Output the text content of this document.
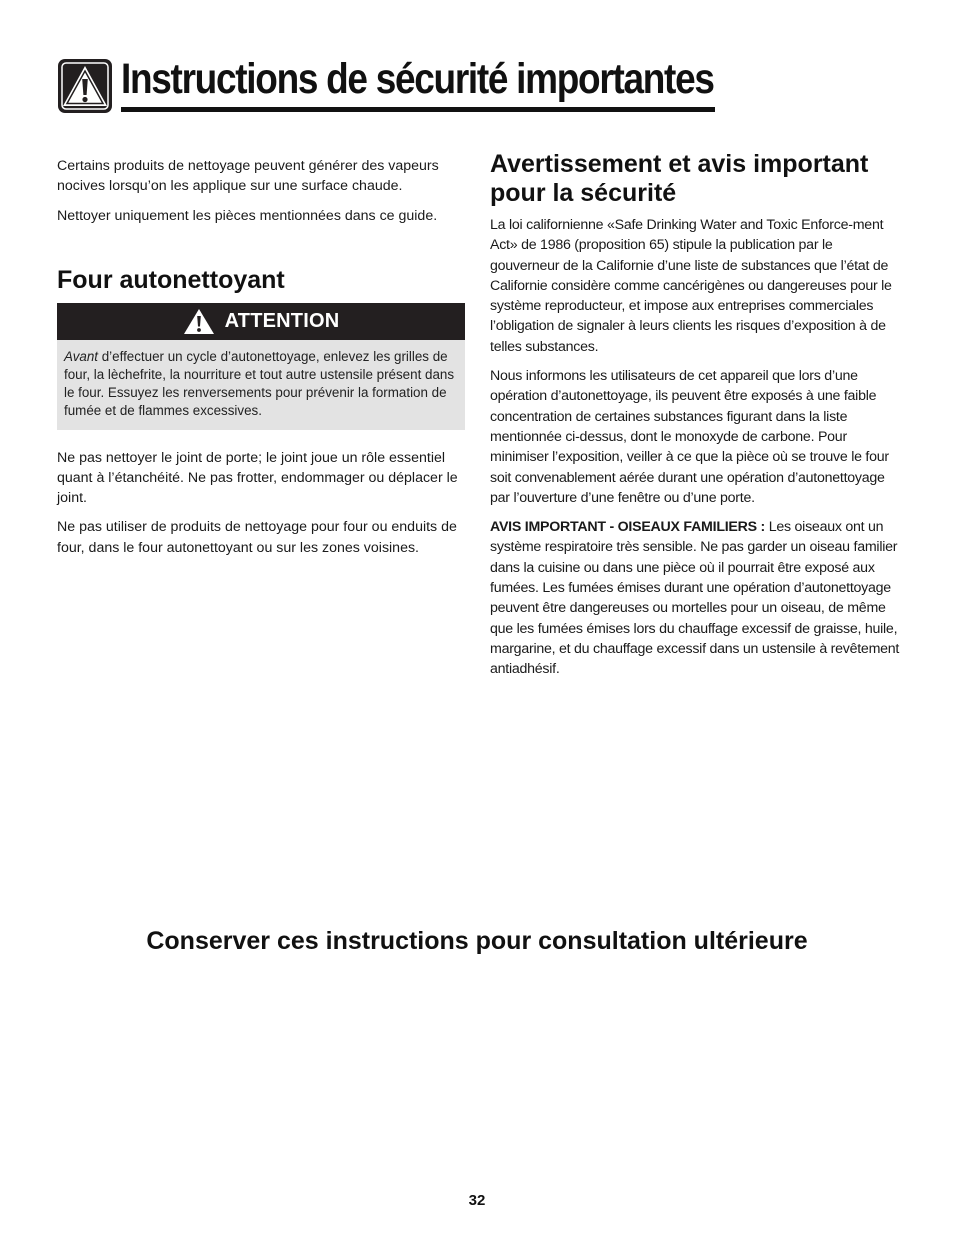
Instructions de sécurité importantes

Certains produits de nettoyage peuvent générer des vapeurs nocives lorsqu’on les applique sur une surface chaude.

Nettoyer uniquement les pièces mentionnées dans ce guide.

Four autonettoyant
ATTENTION
Avant d’effectuer un cycle d’autonettoyage, enlevez les grilles de four, la lèchefrite, la nourriture et tout autre ustensile présent dans le four. Essuyez les renversements pour prévenir la formation de fumée et de flammes excessives.

Ne pas nettoyer le joint de porte; le joint joue un rôle essentiel quant à l’étanchéité. Ne pas frotter, endommager ou déplacer le joint.

Ne pas utiliser de produits de nettoyage pour four ou enduits de four, dans le four autonettoyant ou sur les zones voisines.

Avertissement et avis important pour la sécurité

La loi californienne «Safe Drinking Water and Toxic Enforce-ment Act» de 1986 (proposition 65) stipule la publication par le gouverneur de la Californie d’une liste de substances que l’état de Californie considère comme cancérigènes ou dangereuses pour le système reproducteur, et impose aux entreprises commerciales l’obligation de signaler à leurs clients les risques d’exposition à de telles substances.

Nous informons les utilisateurs de cet appareil que lors d’une opération d’autonettoyage, ils peuvent être exposés à une faible concentration de certaines substances figurant dans la liste mentionnée ci-dessus, dont le monoxyde de carbone. Pour minimiser l’exposition, veiller à ce que la pièce où se trouve le four soit convenablement aérée durant une opération d’autonettoyage par l’ouverture d’une fenêtre ou d’une porte.

AVIS IMPORTANT - OISEAUX FAMILIERS : Les oiseaux ont un système respiratoire très sensible. Ne pas garder un oiseau familier dans la cuisine ou dans une pièce où il pourrait être exposé aux fumées. Les fumées émises durant une opération d’autonettoyage peuvent être dangereuses ou mortelles pour un oiseau, de même que les fumées émises lors du chauffage excessif de graisse, huile, margarine, et du chauffage excessif dans un ustensile à revêtement antiadhésif.

Conserver ces instructions pour consultation ultérieure
32
